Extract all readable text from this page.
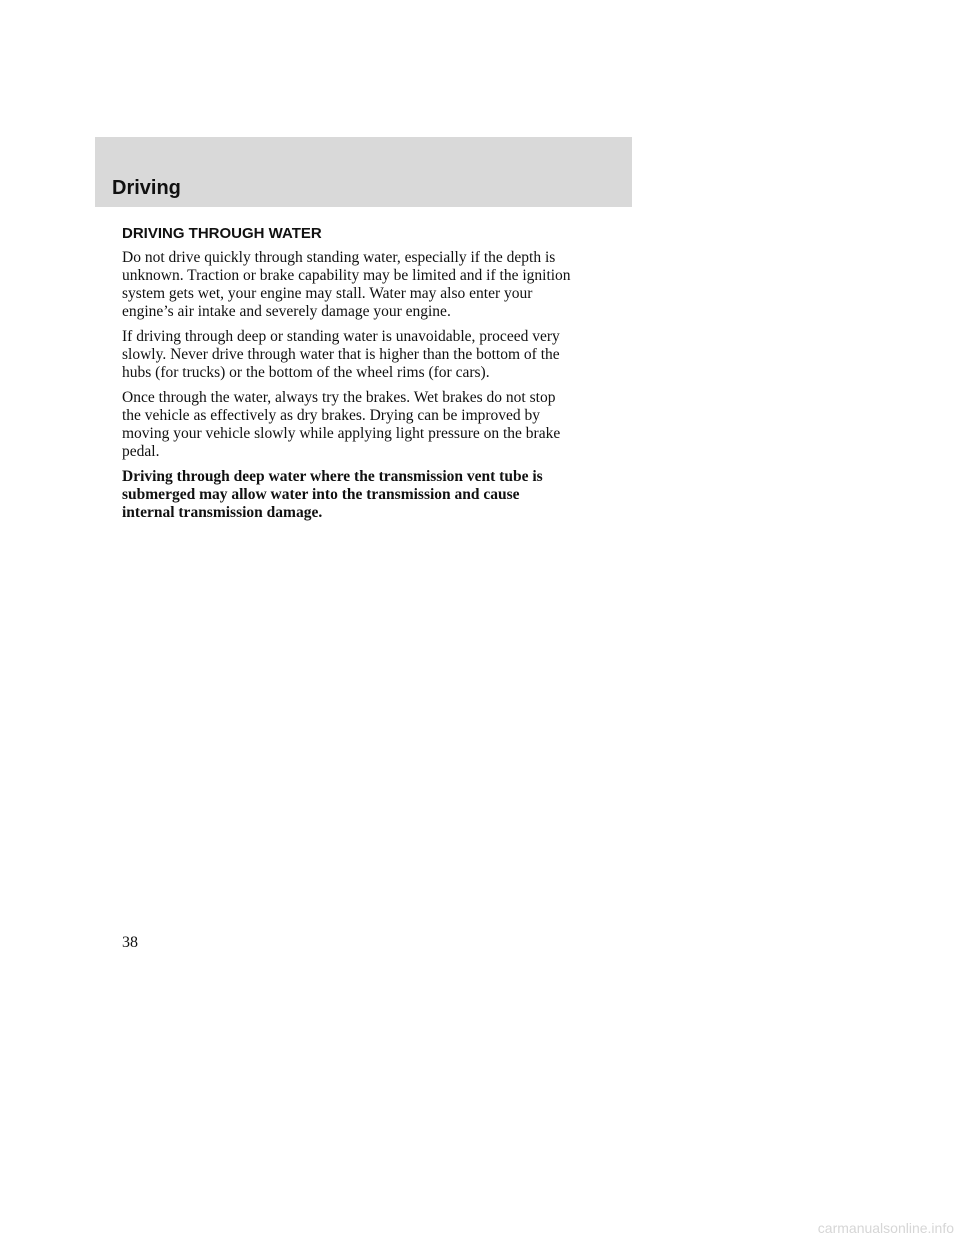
Driving
DRIVING THROUGH WATER

Do not drive quickly through standing water, especially if the depth is
unknown. Traction or brake capability may be limited and if the ignition
system gets wet, your engine may stall. Water may also enter your
engine’s air intake and severely damage your engine.

If driving through deep or standing water is unavoidable, proceed very
slowly. Never drive through water that is higher than the bottom of the
hubs (for trucks) or the bottom of the wheel rims (for cars).

Once through the water, always try the brakes. Wet brakes do not stop
the vehicle as effectively as dry brakes. Drying can be improved by
moving your vehicle slowly while applying light pressure on the brake
pedal.

Driving through deep water where the transmission vent tube is
submerged may allow water into the transmission and cause
internal transmission damage.

38
carmanualsonline.info
